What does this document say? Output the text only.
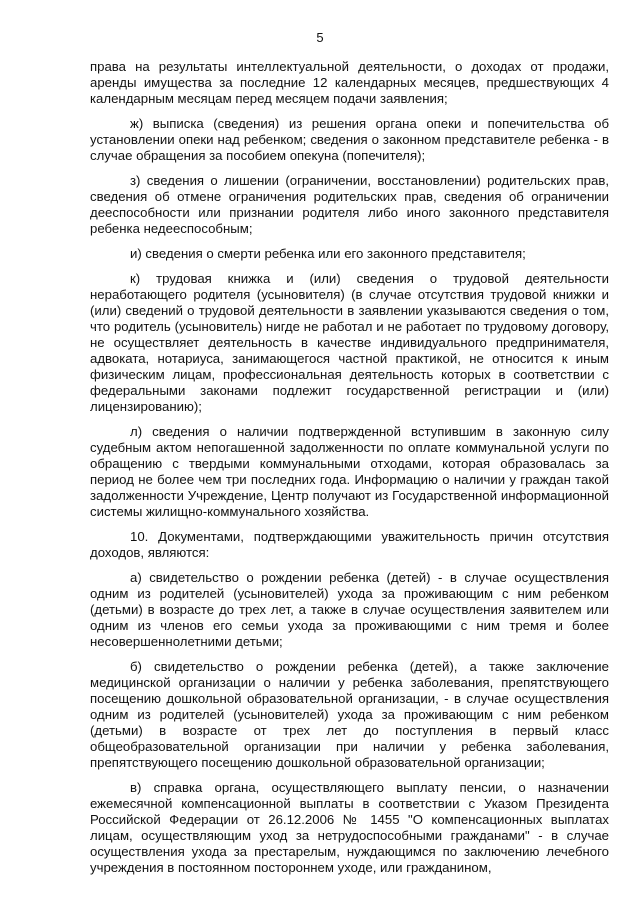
5

права на результаты интеллектуальной деятельности, о доходах от продажи, аренды имущества за последние 12 календарных месяцев, предшествующих 4 календарным месяцам перед месяцем подачи заявления;

ж) выписка (сведения) из решения органа опеки и попечительства об установлении опеки над ребенком; сведения о законном представителе ребенка - в случае обращения за пособием опекуна (попечителя);

з) сведения о лишении (ограничении, восстановлении) родительских прав, сведения об отмене ограничения родительских прав, сведения об ограничении дееспособности или признании родителя либо иного законного представителя ребенка недееспособным;

и) сведения о смерти ребенка или его законного представителя;

к) трудовая книжка и (или) сведения о трудовой деятельности неработающего родителя (усыновителя) (в случае отсутствия трудовой книжки и (или) сведений о трудовой деятельности в заявлении указываются сведения о том, что родитель (усыновитель) нигде не работал и не работает по трудовому договору, не осуществляет деятельность в качестве индивидуального предпринимателя, адвоката, нотариуса, занимающегося частной практикой, не относится к иным физическим лицам, профессиональная деятельность которых в соответствии с федеральными законами подлежит государственной регистрации и (или) лицензированию);

л) сведения о наличии подтвержденной вступившим в законную силу судебным актом непогашенной задолженности по оплате коммунальной услуги по обращению с твердыми коммунальными отходами, которая образовалась за период не более чем три последних года. Информацию о наличии у граждан такой задолженности Учреждение, Центр получают из Государственной информационной системы жилищно-коммунального хозяйства.

10. Документами, подтверждающими уважительность причин отсутствия доходов, являются:

а) свидетельство о рождении ребенка (детей) - в случае осуществления одним из родителей (усыновителей) ухода за проживающим с ним ребенком (детьми) в возрасте до трех лет, а также в случае осуществления заявителем или одним из членов его семьи ухода за проживающими с ним тремя и более несовершеннолетними детьми;

б) свидетельство о рождении ребенка (детей), а также заключение медицинской организации о наличии у ребенка заболевания, препятствующего посещению дошкольной образовательной организации, - в случае осуществления одним из родителей (усыновителей) ухода за проживающим с ним ребенком (детьми) в возрасте от трех лет до поступления в первый класс общеобразовательной организации при наличии у ребенка заболевания, препятствующего посещению дошкольной образовательной организации;

в) справка органа, осуществляющего выплату пенсии, о назначении ежемесячной компенсационной выплаты в соответствии с Указом Президента Российской Федерации от 26.12.2006 № 1455 "О компенсационных выплатах лицам, осуществляющим уход за нетрудоспособными гражданами" - в случае осуществления ухода за престарелым, нуждающимся по заключению лечебного учреждения в постоянном постороннем уходе, или гражданином,
